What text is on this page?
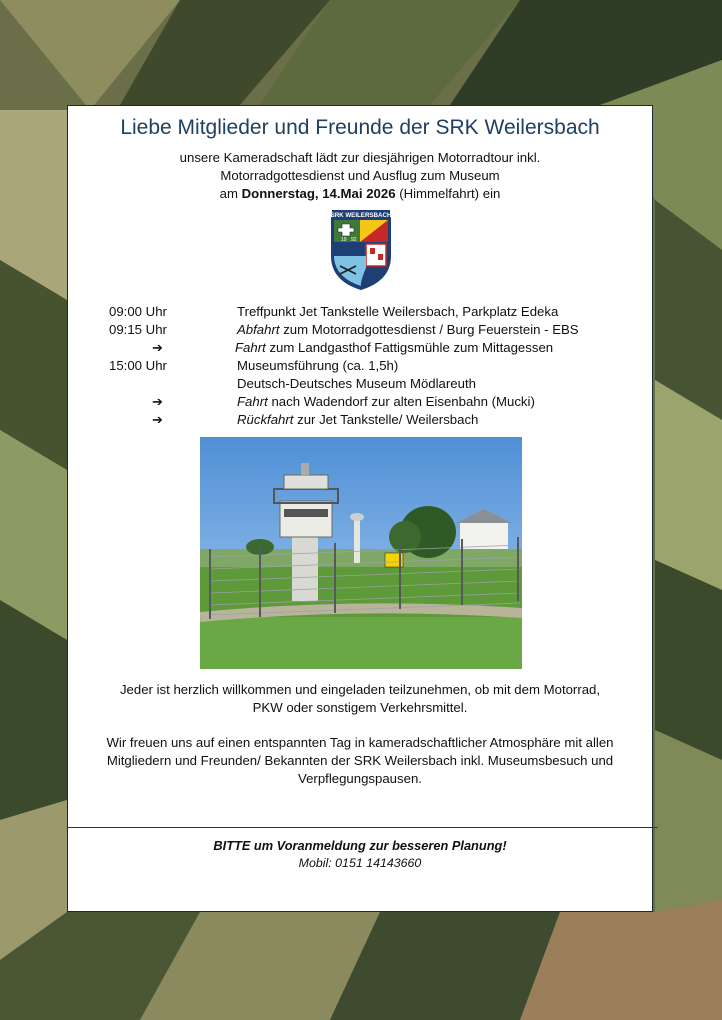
Liebe Mitglieder und Freunde der SRK Weilersbach
unsere Kameradschaft lädt zur diesjährigen Motorradtour inkl.
Motorradgottesdienst und Ausflug zum Museum
am Donnerstag, 14.Mai 2026 (Himmelfahrt) ein
SRK WEILERSBACH
19 92
09:00 Uhr	Treffpunkt Jet Tankstelle Weilersbach, Parkplatz Edeka
09:15 Uhr	Abfahrt zum Motorradgottesdienst / Burg Feuerstein - EBS
➔	Fahrt zum Landgasthof Fattigsmühle zum Mittagessen
15:00 Uhr	Museumsführung (ca. 1,5h)
Deutsch-Deutsches Museum Mödlareuth
➔	Fahrt nach Wadendorf zur alten Eisenbahn (Mucki)
➔	Rückfahrt zur Jet Tankstelle/ Weilersbach
Jeder ist herzlich willkommen und eingeladen teilzunehmen, ob mit dem Motorrad,
PKW oder sonstigem Verkehrsmittel.
Wir freuen uns auf einen entspannten Tag in kameradschaftlicher Atmosphäre mit allen
Mitgliedern und Freunden/ Bekannten der SRK Weilersbach inkl. Museumsbesuch und
Verpflegungspausen.
BITTE um Voranmeldung zur besseren Planung!
Mobil: 0151 14143660
